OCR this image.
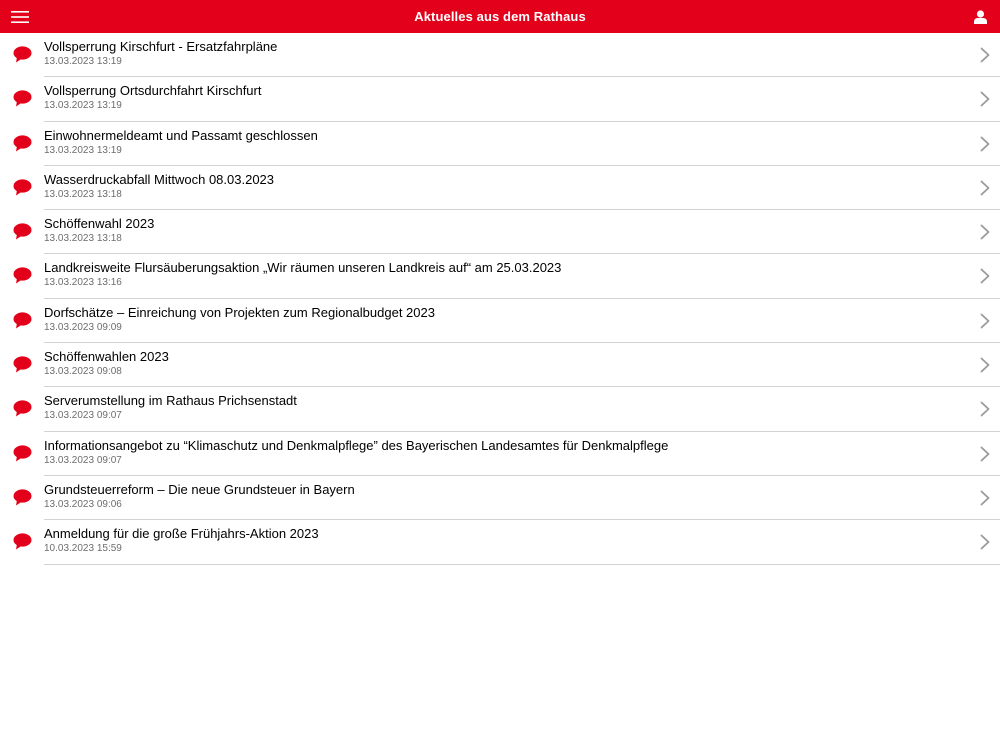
Aktuelles aus dem Rathaus
Vollsperrung Kirschfurt - Ersatzfahrpläne
13.03.2023 13:19
Vollsperrung Ortsdurchfahrt Kirschfurt
13.03.2023 13:19
Einwohnermeldeamt und Passamt geschlossen
13.03.2023 13:19
Wasserdruckabfall Mittwoch 08.03.2023
13.03.2023 13:18
Schöffenwahl 2023
13.03.2023 13:18
Landkreisweite Flursäuberungsaktion „Wir räumen unseren Landkreis auf“ am 25.03.2023
13.03.2023 13:16
Dorfschätze – Einreichung von Projekten zum Regionalbudget 2023
13.03.2023 09:09
Schöffenwahlen 2023
13.03.2023 09:08
Serverumstellung im Rathaus Prichsenstadt
13.03.2023 09:07
Informationsangebot zu “Klimaschutz und Denkmalpflege” des Bayerischen Landesamtes für Denkmalpflege
13.03.2023 09:07
Grundsteuerreform – Die neue Grundsteuer in Bayern
13.03.2023 09:06
Anmeldung für die große Frühjahrs-Aktion 2023
10.03.2023 15:59
